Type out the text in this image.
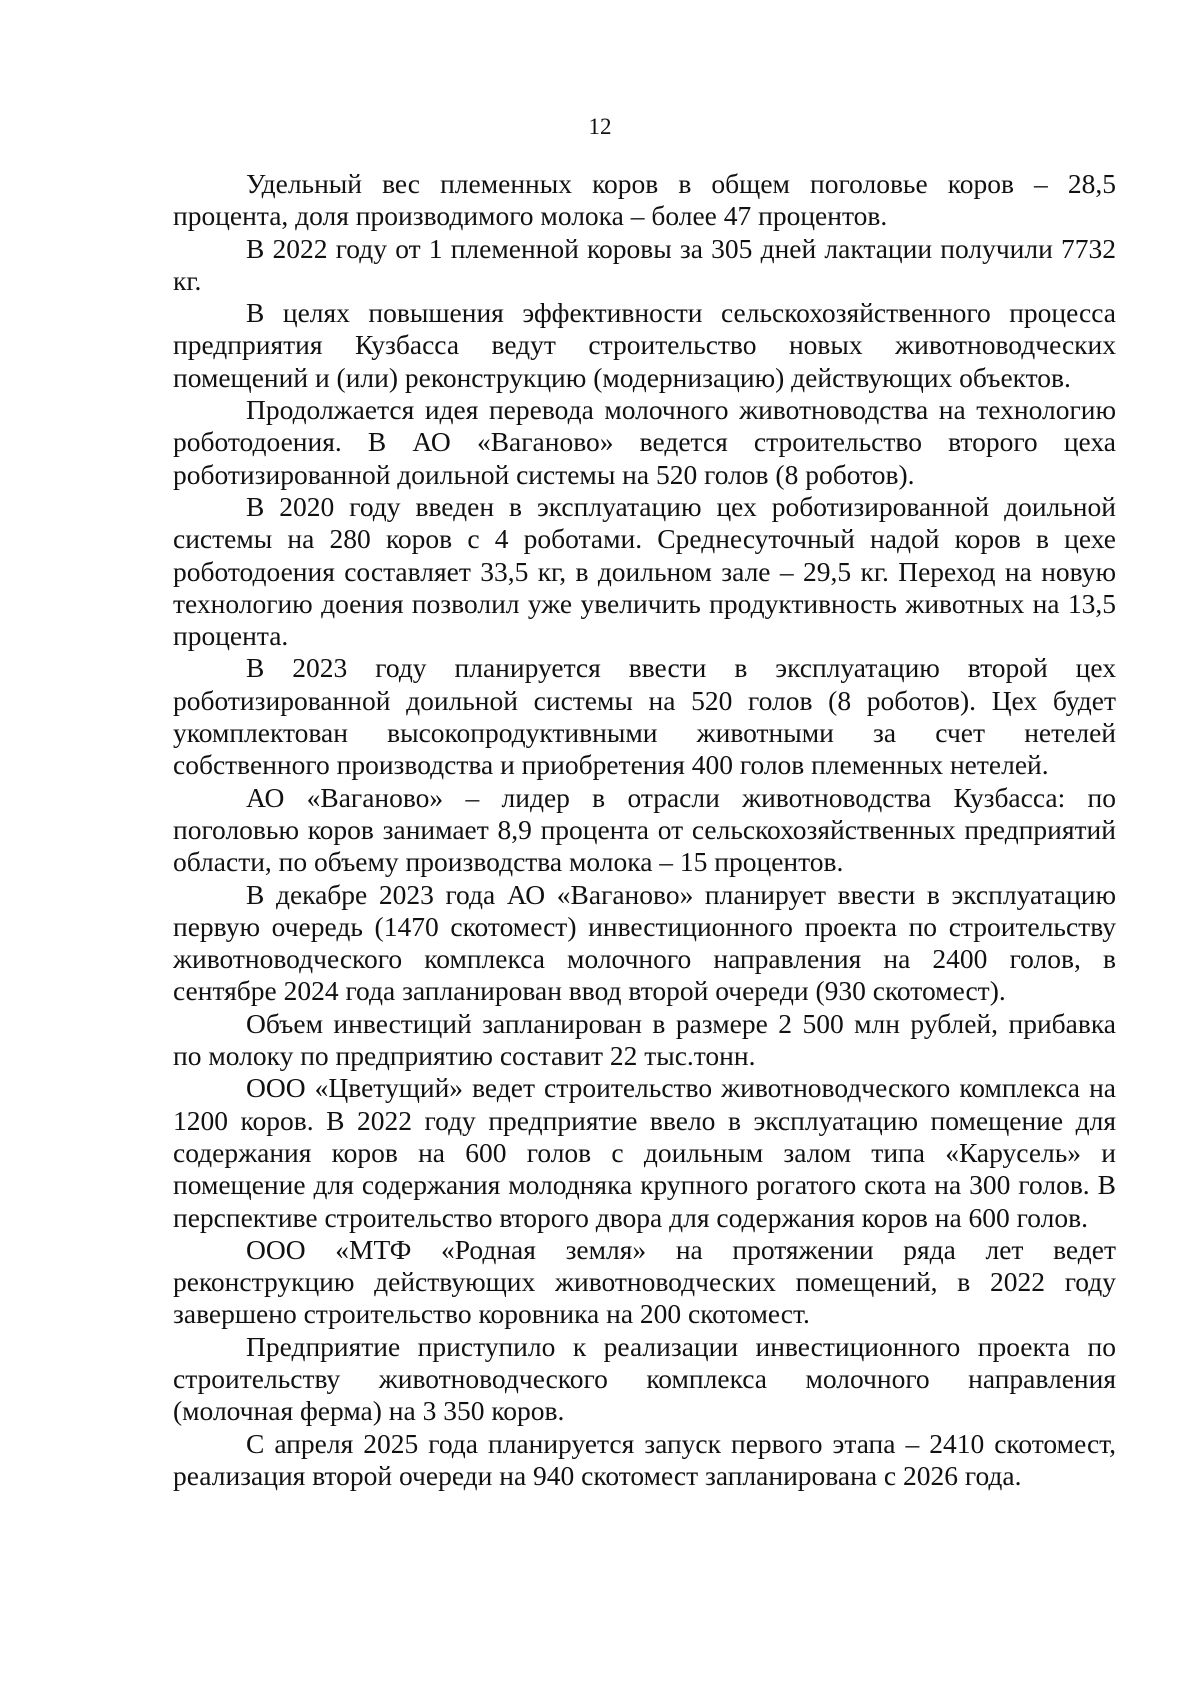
12

Удельный вес племенных коров в общем поголовье коров – 28,5 процента, доля производимого молока – более 47 процентов.

В 2022 году от 1 племенной коровы за 305 дней лактации получили 7732 кг.

В целях повышения эффективности сельскохозяйственного процесса предприятия Кузбасса ведут строительство новых животноводческих помещений и (или) реконструкцию (модернизацию) действующих объектов.

Продолжается идея перевода молочного животноводства на технологию роботодоения. В АО «Ваганово» ведется строительство второго цеха роботизированной доильной системы на 520 голов (8 роботов).

В 2020 году введен в эксплуатацию цех роботизированной доильной системы на 280 коров с 4 роботами. Среднесуточный надой коров в цехе роботодоения составляет 33,5 кг, в доильном зале – 29,5 кг. Переход на новую технологию доения позволил уже увеличить продуктивность животных на 13,5 процента.

В 2023 году планируется ввести в эксплуатацию второй цех роботизированной доильной системы на 520 голов (8 роботов). Цех будет укомплектован высокопродуктивными животными за счет нетелей собственного производства и приобретения 400 голов племенных нетелей.

АО «Ваганово» – лидер в отрасли животноводства Кузбасса: по поголовью коров занимает 8,9 процента от сельскохозяйственных предприятий области, по объему производства молока – 15 процентов.

В декабре 2023 года АО «Ваганово» планирует ввести в эксплуатацию первую очередь (1470 скотомест) инвестиционного проекта по строительству животноводческого комплекса молочного направления на 2400 голов, в сентябре 2024 года запланирован ввод второй очереди (930 скотомест).

Объем инвестиций запланирован в размере 2 500 млн рублей, прибавка по молоку по предприятию составит 22 тыс.тонн.

ООО «Цветущий» ведет строительство животноводческого комплекса на 1200 коров. В 2022 году предприятие ввело в эксплуатацию помещение для содержания коров на 600 голов с доильным залом типа «Карусель» и помещение для содержания молодняка крупного рогатого скота на 300 голов. В перспективе строительство второго двора для содержания коров на 600 голов.

ООО «МТФ «Родная земля» на протяжении ряда лет ведет реконструкцию действующих животноводческих помещений, в 2022 году завершено строительство коровника на 200 скотомест.

Предприятие приступило к реализации инвестиционного проекта по строительству животноводческого комплекса молочного направления (молочная ферма) на 3 350 коров.

С апреля 2025 года планируется запуск первого этапа – 2410 скотомест, реализация второй очереди на 940 скотомест запланирована с 2026 года.
